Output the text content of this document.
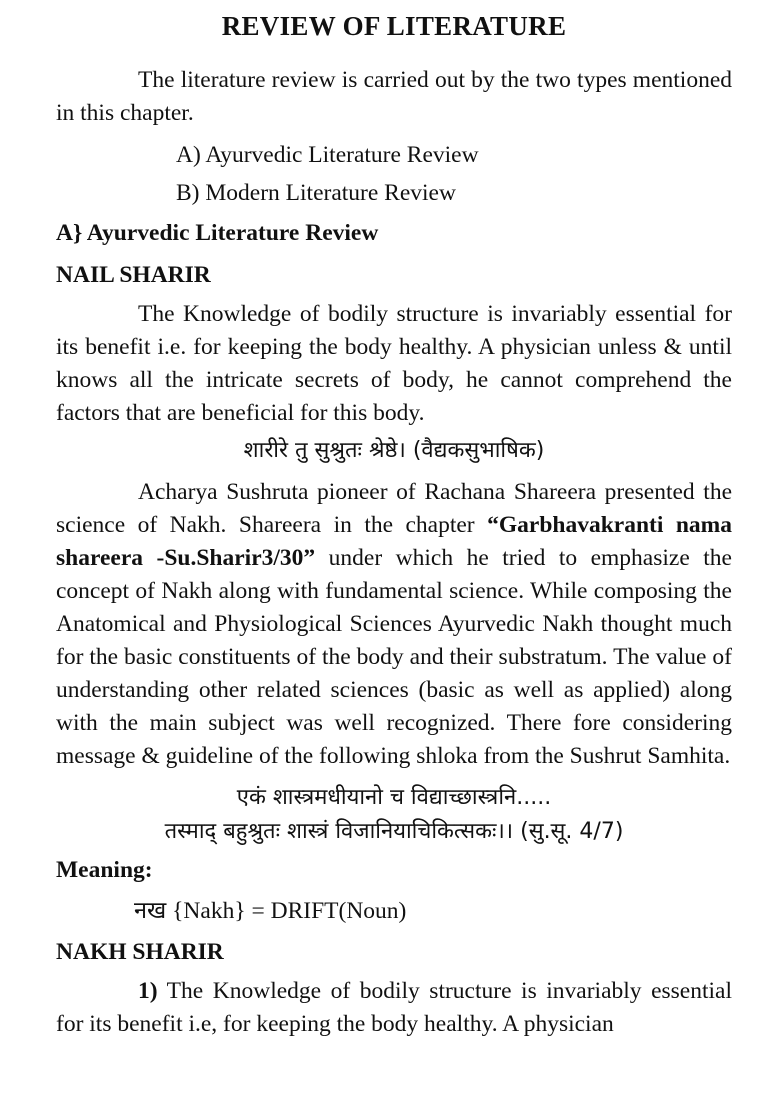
REVIEW OF LITERATURE

The literature review is carried out by the two types mentioned in this chapter.

A) Ayurvedic Literature Review
B) Modern Literature Review
A} Ayurvedic Literature Review
NAIL SHARIR

The Knowledge of bodily structure is invariably essential for its benefit i.e. for keeping the body healthy. A physician unless & until knows all the intricate secrets of body, he cannot comprehend the factors that are beneficial for this body.

शारीरे तु सुश्रुतः श्रेष्ठे। (वैद्यकसुभाषिक)

Acharya Sushruta pioneer of Rachana Shareera presented the science of Nakh. Shareera in the chapter “Garbhavakranti nama shareera -Su.Sharir3/30” under which he tried to emphasize the concept of Nakh along with fundamental science. While composing the Anatomical and Physiological Sciences Ayurvedic Nakh thought much for the basic constituents of the body and their substratum. The value of understanding other related sciences (basic as well as applied) along with the main subject was well recognized. There fore considering message & guideline of the following shloka from the Sushrut Samhita.

एकं शास्त्रमधीयानो च विद्याच्छास्त्रनि.....
तस्माद् बहुश्रुतः शास्त्रं विजानियाचिकित्सकः।। (सु.सू. 4/7)
Meaning:
नख {Nakh} = DRIFT(Noun)
NAKH SHARIR

1) The Knowledge of bodily structure is invariably essential for its benefit i.e, for keeping the body healthy. A physician
